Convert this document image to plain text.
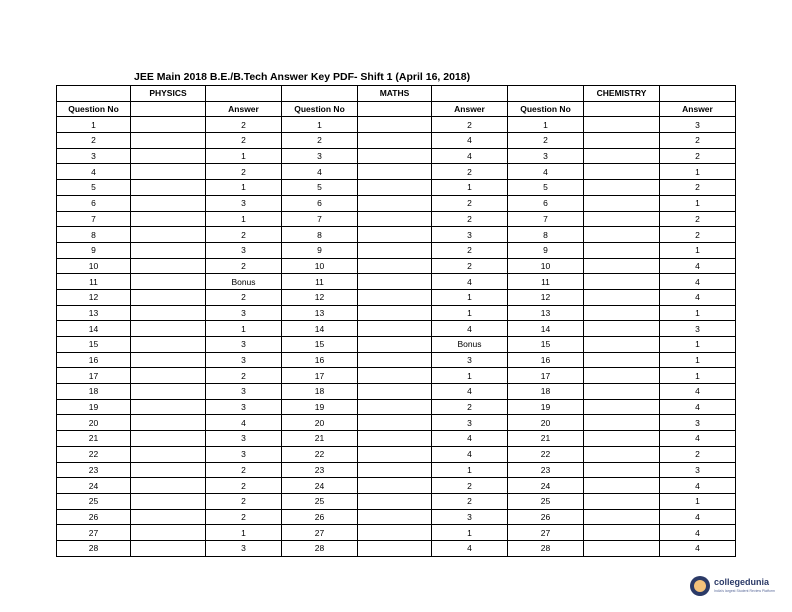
JEE Main 2018 B.E./B.Tech Answer Key PDF- Shift 1 (April 16, 2018)
	PHYSICS			MATHS			CHEMISTRY	
Question No		Answer	Question No		Answer	Question No		Answer
1		2	1		2	1		3
2		2	2		4	2		2
3		1	3		4	3		2
4		2	4		2	4		1
5		1	5		1	5		2
6		3	6		2	6		1
7		1	7		2	7		2
8		2	8		3	8		2
9		3	9		2	9		1
10		2	10		2	10		4
11		Bonus	11		4	11		4
12		2	12		1	12		4
13		3	13		1	13		1
14		1	14		4	14		3
15		3	15		Bonus	15		1
16		3	16		3	16		1
17		2	17		1	17		1
18		3	18		4	18		4
19		3	19		2	19		4
20		4	20		3	20		3
21		3	21		4	21		4
22		3	22		4	22		2
23		2	23		1	23		3
24		2	24		2	24		4
25		2	25		2	25		1
26		2	26		3	26		4
27		1	27		1	27		4
28		3	28		4	28		4
collegedunia
India's largest Student Review Platform
